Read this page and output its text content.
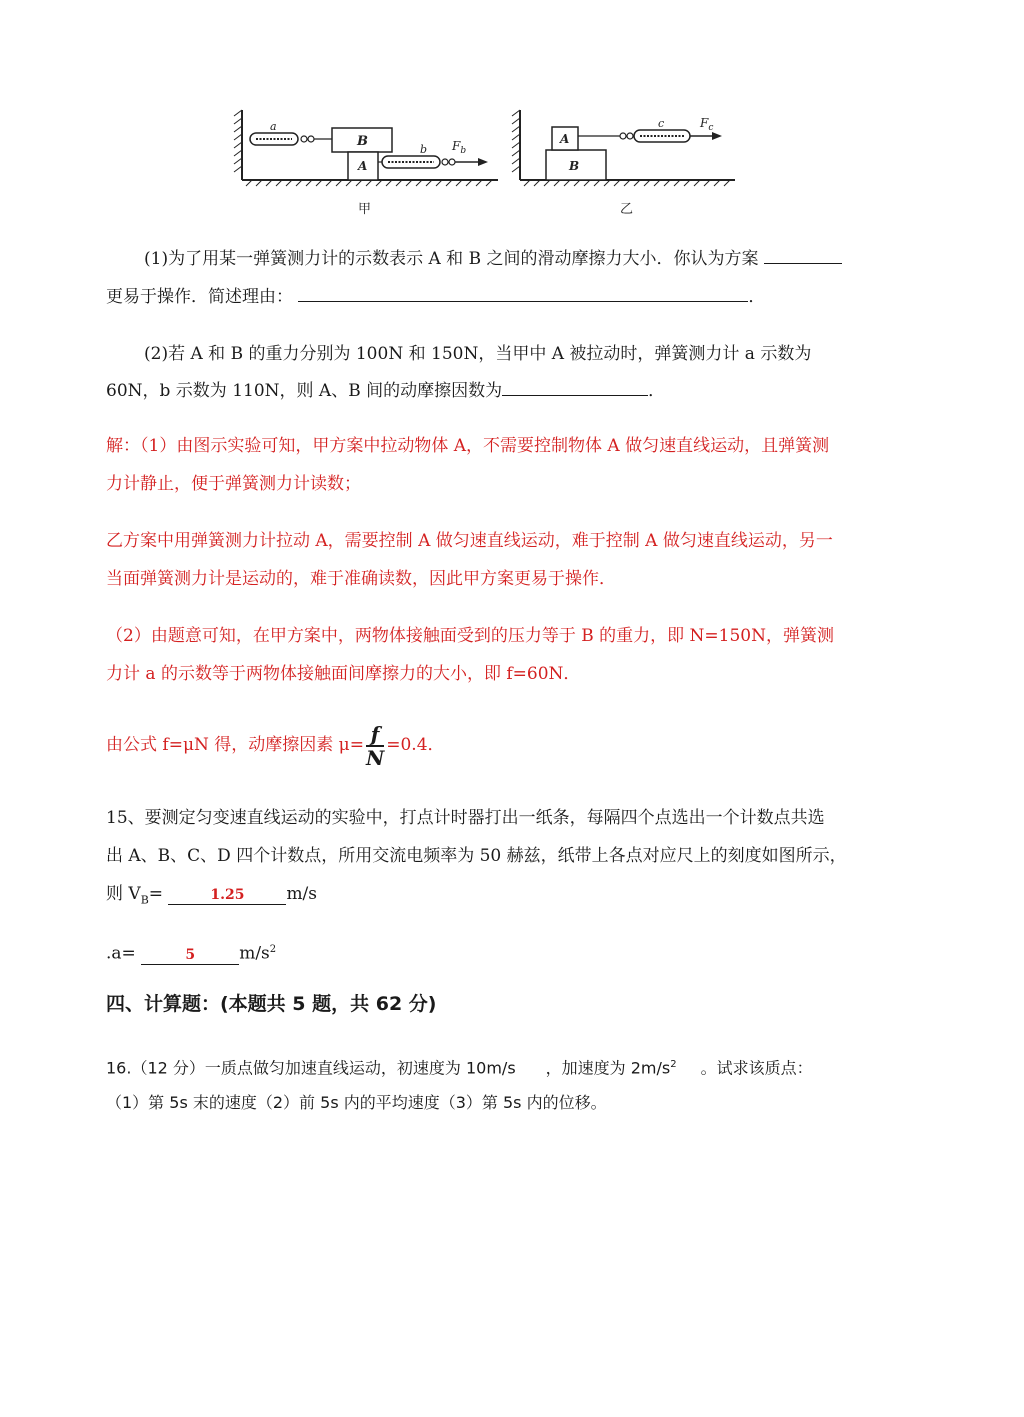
a
B
A
b $F_b$
甲
B
A
c	$F_c$
乙
(1)为了用某一弹簧测力计的示数表示 A 和 B 之间的滑动摩擦力大小．你认为方案
更易于操作．简述理由：	．
(2)若 A 和 B 的重力分别为 100N 和 150N，当甲中 A 被拉动时，弹簧测力计 a 示数为
60N，b 示数为 110N，则 A、B 间的动摩擦因数为	．
解：（1）由图示实验可知，甲方案中拉动物体 A，不需要控制物体 A 做匀速直线运动，且弹簧测
力计静止，便于弹簧测力计读数；
乙方案中用弹簧测力计拉动 A，需要控制 A 做匀速直线运动，难于控制 A 做匀速直线运动，另一
当面弹簧测力计是运动的，难于准确读数，因此甲方案更易于操作．
（2）由题意可知，在甲方案中，两物体接触面受到的压力等于 B 的重力，即 N=150N，弹簧测
力计 a 的示数等于两物体接触面间摩擦力的大小，即 f=60N．
由公式 f=μN 得，动摩擦因素 $\mu= \frac{f}{N} =0.4$．
15、要测定匀变速直线运动的实验中，打点计时器打出一纸条，每隔四个点选出一个计数点共选
出 A、B、C、D 四个计数点，所用交流电频率为 50 赫兹，纸带上各点对应尺上的刻度如图所示，
则 $V_B=$	1.25 m/s
.a=	5	$m/s^2$
四、计算题：(本题共 5 题，共 62 分)
16.（12 分）一质点做匀加速直线运动，初速度为 10m/s ，加速度为 $2m/s^2$ 。试求该质点：
（1）第 5s 末的速度（2）前 5s 内的平均速度（3）第 5s 内的位移。
